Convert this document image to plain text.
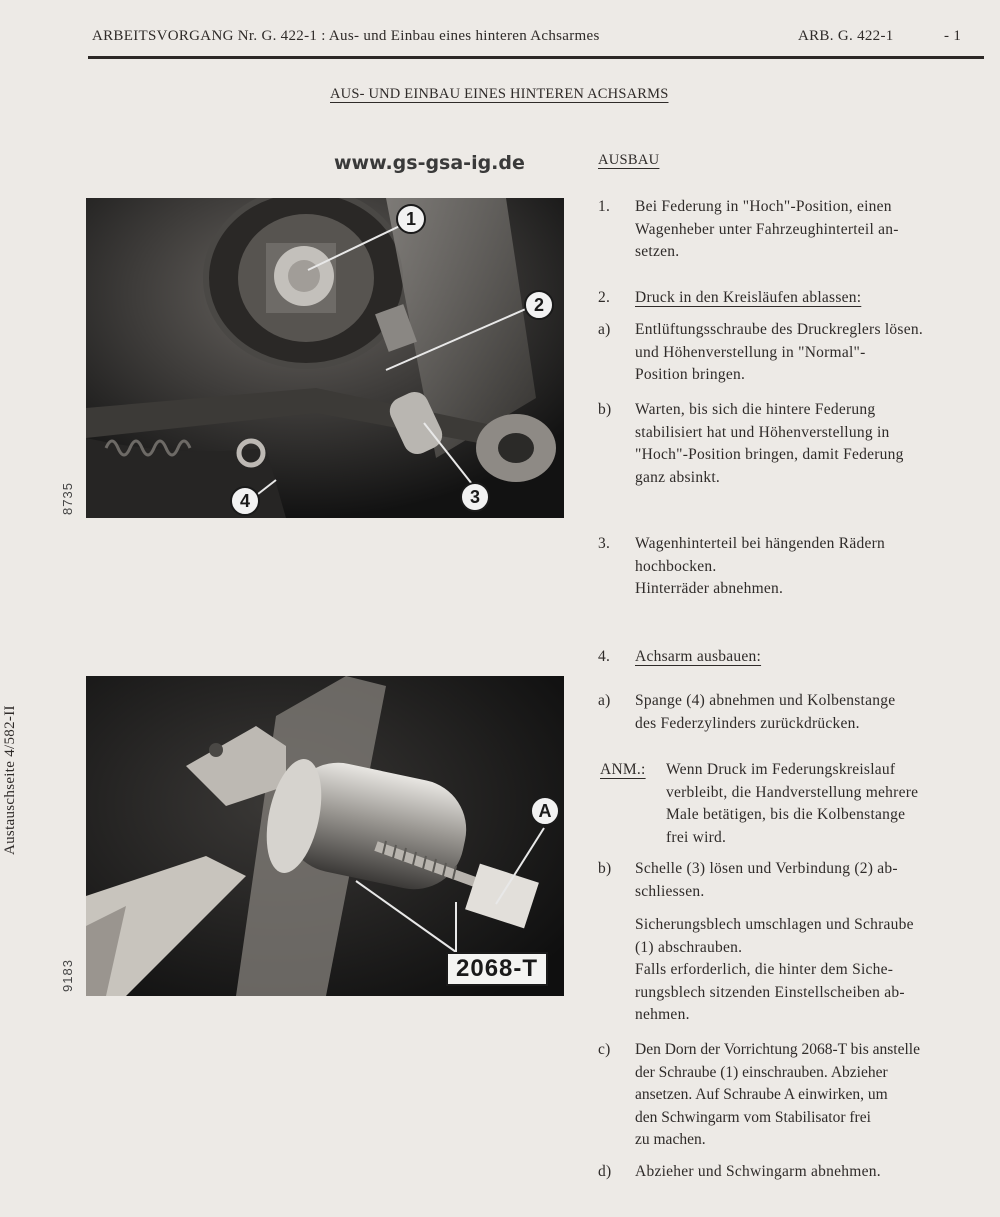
ARBEITSVORGANG Nr. G. 422-1 : Aus- und Einbau eines hinteren Achsarmes	ARB. G. 422-1	- 1
AUS- UND EINBAU EINES HINTEREN ACHSARMS
www.gs-gsa-ig.de
Austauschseite 4/582-II
1
2
3
4
8735
A
2068-T
9183
AUSBAU
1.	Bei Federung in "Hoch"-Position, einen
Wagenheber unter Fahrzeughinterteil an-
setzen.
2.	Druck in den Kreisläufen ablassen:
a)	Entlüftungsschraube des Druckreglers lösen.
und Höhenverstellung in "Normal"-
Position bringen.
b)	Warten, bis sich die hintere Federung
stabilisiert hat und Höhenverstellung in
"Hoch"-Position bringen, damit Federung
ganz absinkt.
3.	Wagenhinterteil bei hängenden Rädern
hochbocken.
Hinterräder abnehmen.
4.	Achsarm ausbauen:
a)	Spange (4) abnehmen und Kolbenstange
des Federzylinders zurückdrücken.
ANM.: Wenn Druck im Federungskreislauf
verbleibt, die Handverstellung mehrere
Male betätigen, bis die Kolbenstange
frei wird.
b)	Schelle (3) lösen und Verbindung (2) ab-
schliessen.
Sicherungsblech umschlagen und Schraube
(1) abschrauben.
Falls erforderlich, die hinter dem Siche-
rungsblech sitzenden Einstellscheiben ab-
nehmen.
c)	Den Dorn der Vorrichtung 2068-T bis anstelle
der Schraube (1) einschrauben. Abzieher
ansetzen. Auf Schraube A einwirken, um
den Schwingarm vom Stabilisator frei
zu machen.
d)	Abzieher und Schwingarm abnehmen.
